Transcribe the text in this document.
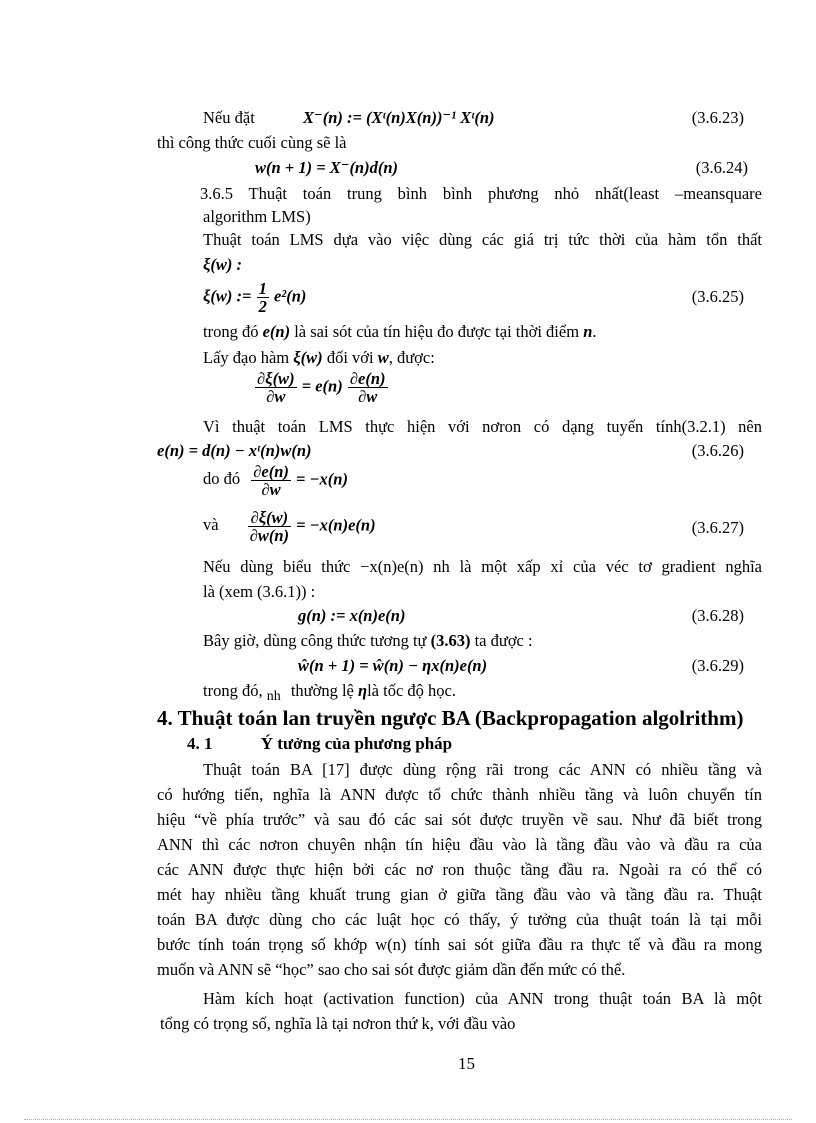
Nếu đặt	X⁻(n) := (Xᵗ(n)X(n))⁻¹ Xᵗ(n)	(3.6.23)
thì công thức cuối cùng sẽ là
w(n + 1) = X⁻(n)d(n)	(3.6.24)
3.6.5 Thuật toán trung bình bình phương nhỏ nhất(least –meansquare
algorithm LMS)
Thuật toán LMS dựa vào việc dùng các giá trị tức thời của hàm tổn thất
ξ(w) :
ξ(w) := $\frac{1}{2} e^2(n)$	(3.6.25)
trong đó e(n) là sai sót của tín hiệu đo được tại thời điểm n.
Lấy đạo hàm ξ(w) đối với w, được:
$\frac{\partial\xi(w)}{\partial w} = e(n) \frac{\partial e(n)}{\partial w}$
Vì thuật toán LMS thực hiện với nơron có dạng tuyến tính(3.2.1) nên
e(n) = d(n) − xᵗ(n)w(n)	(3.6.26)
do đó $\frac{\partial e(n)}{\partial w} = -x(n)$
và $\frac{\partial\xi(w)}{\partial w(n)} = -x(n)e(n)$	(3.6.27)
Nếu dùng biểu thức −x(n)e(n) nh là một xấp xỉ của véc tơ gradient nghĩa
là (xem (3.6.1)) :
g(n) := x(n)e(n)	(3.6.28)
Bây giờ, dùng công thức tương tự (3.63) ta được :
ŵ(n + 1) = ŵ(n) − ηx(n)e(n)	(3.6.29)
trong đó, $_{nh}$ thường lệ ηlà tốc độ học.
4. Thuật toán lan truyền ngược BA (Backpropagation algolrithm)
4. 1	Ý tưởng của phương pháp
Thuật toán BA [17] được dùng rộng rãi trong các ANN có nhiều tầng và
có hướng tiến, nghĩa là ANN được tổ chức thành nhiều tầng và luôn chuyển tín
hiệu “về phía trước” và sau đó các sai sót được truyền về sau. Như đã biết trong
ANN thì các nơron chuyên nhận tín hiệu đầu vào là tầng đầu vào và đầu ra của
các ANN được thực hiện bởi các nơ ron thuộc tầng đầu ra. Ngoài ra có thể có
mét hay nhiều tầng khuất trung gian ở giữa tầng đầu vào và tầng đầu ra. Thuật
toán BA được dùng cho các luật học có thấy, ý tưởng của thuật toán là tại mỗi
bước tính toán trọng số khớp w(n) tính sai sót giữa đầu ra thực tế và đầu ra mong
muốn và ANN sẽ “học” sao cho sai sót được giảm dần đến mức có thể.
Hàm kích hoạt (activation function) của ANN trong thuật toán BA là một
tổng có trọng số, nghĩa là tại nơron thứ k, với đầu vào
15
